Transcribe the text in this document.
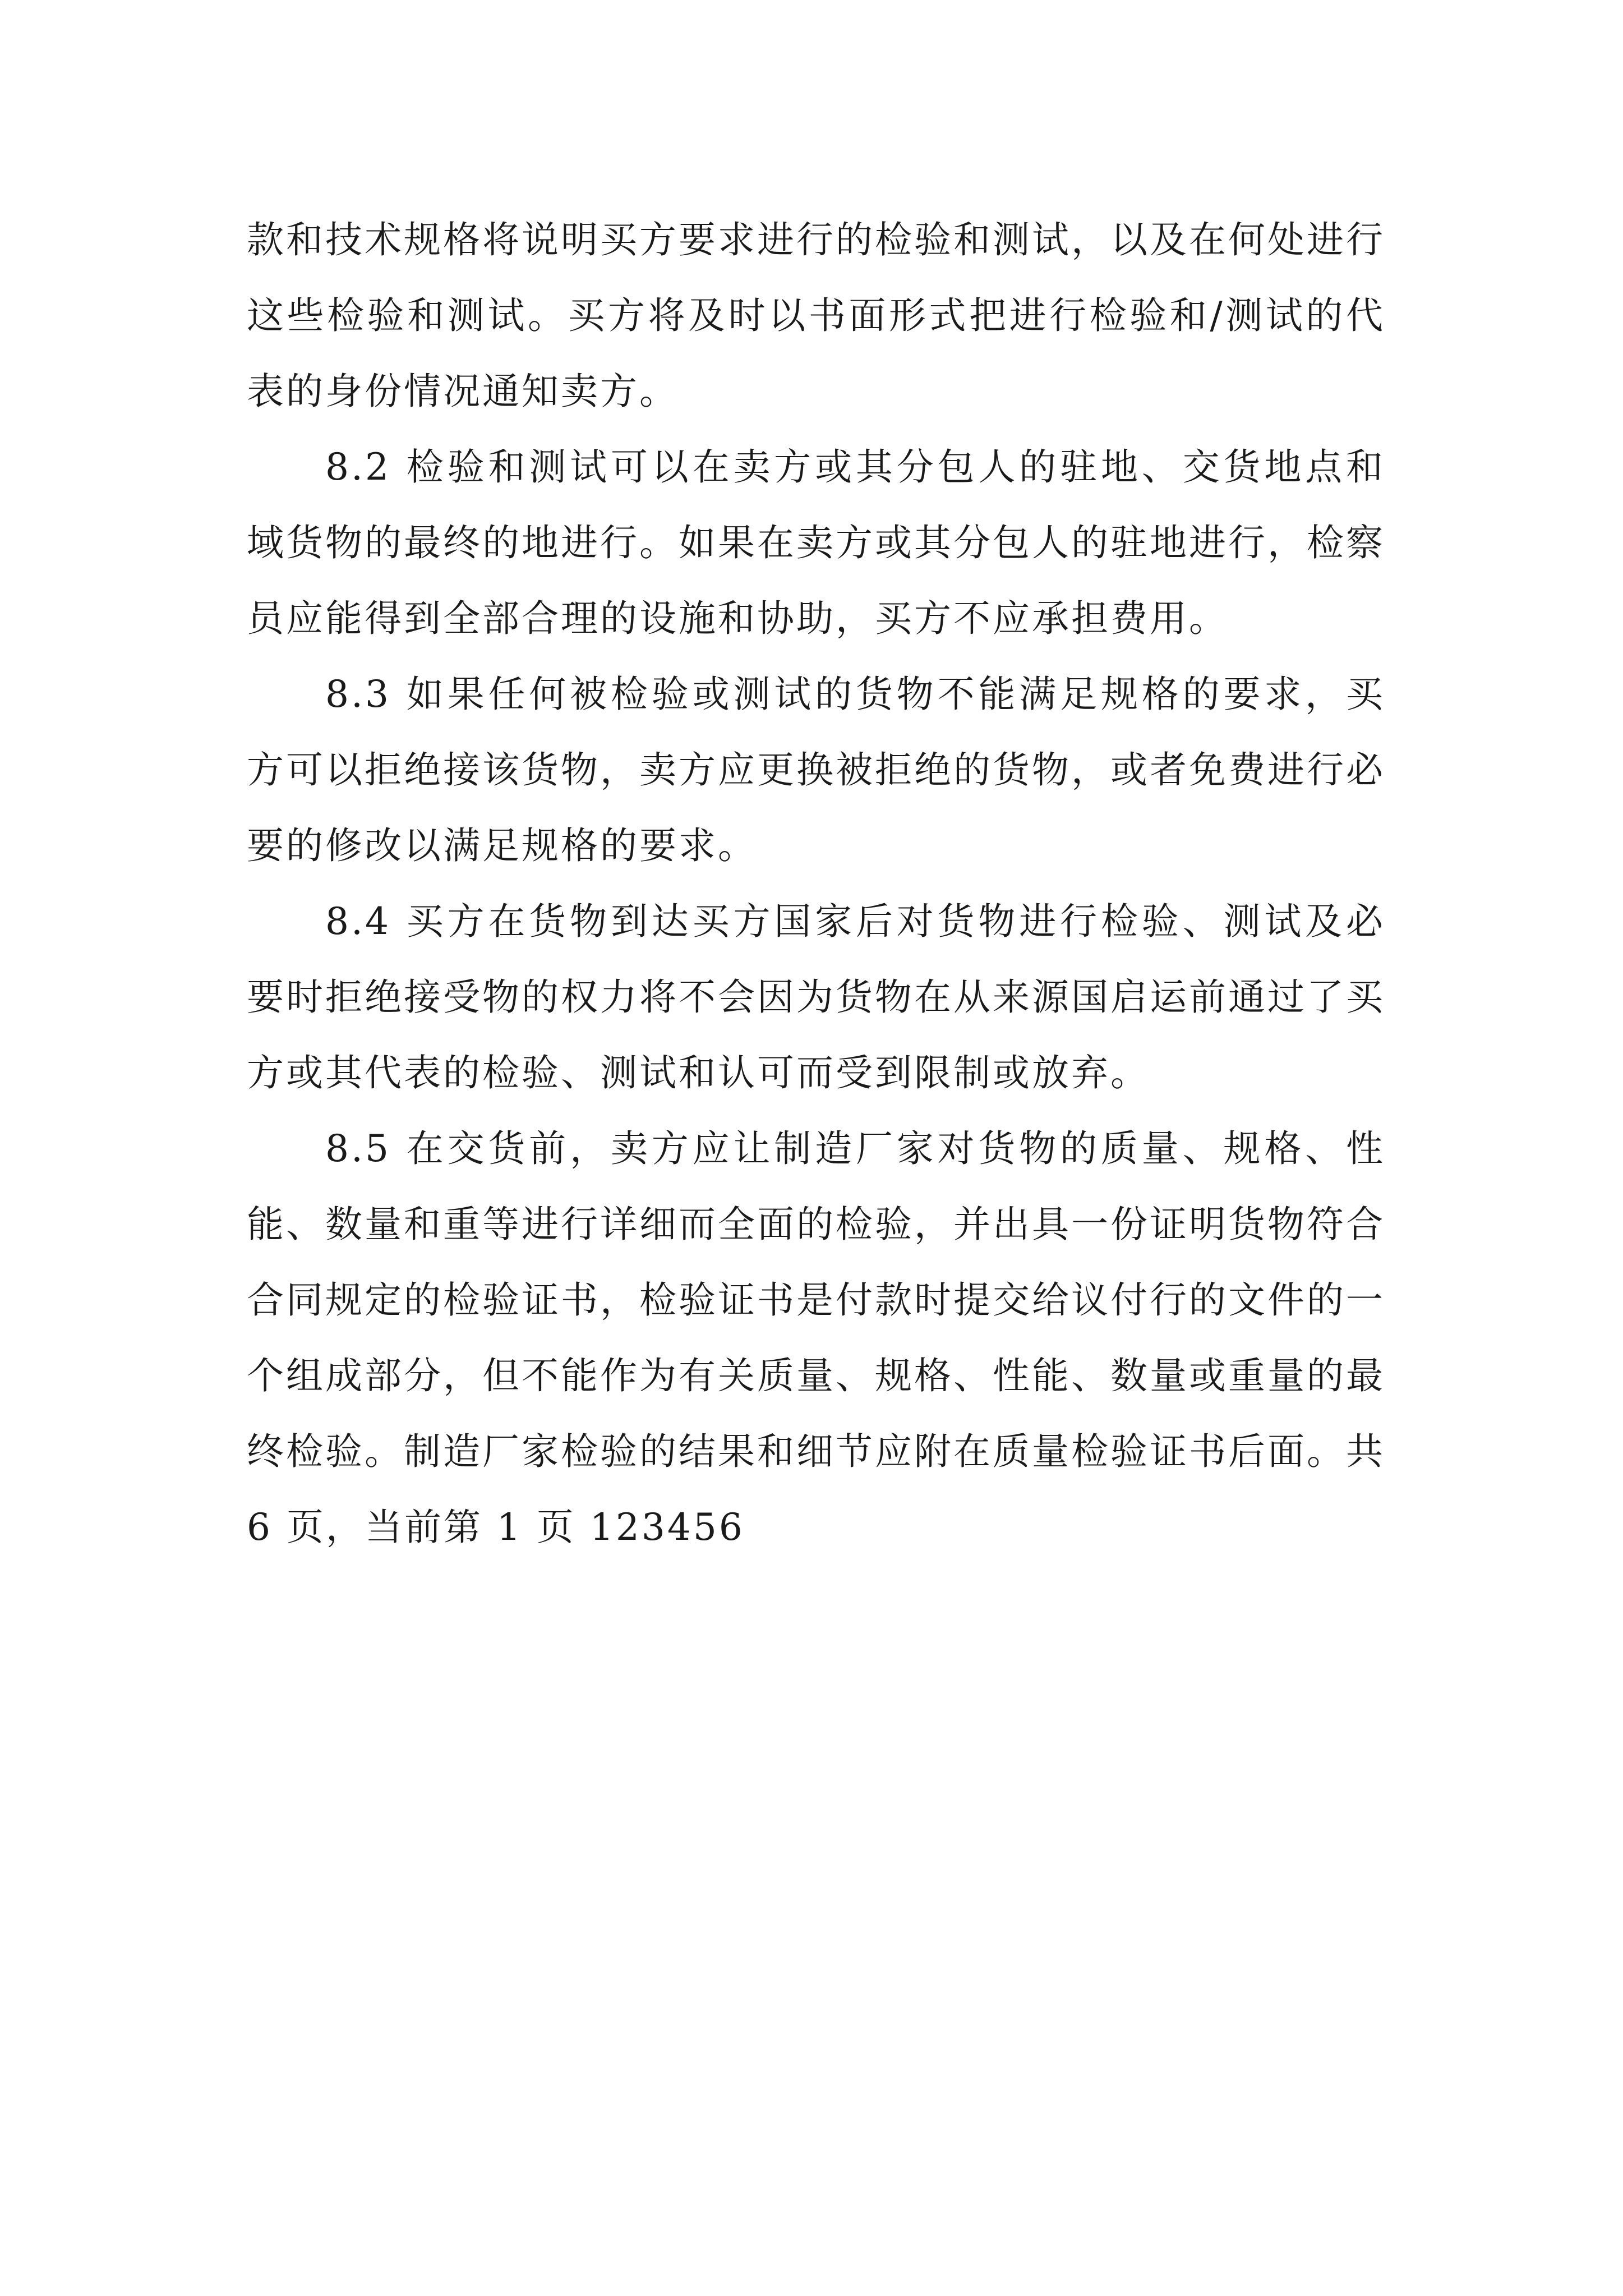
款和技术规格将说明买方要求进行的检验和测试，以及在何处进行这些检验和测试。买方将及时以书面形式把进行检验和/测试的代表的身份情况通知卖方。

8.2 检验和测试可以在卖方或其分包人的驻地、交货地点和域货物的最终的地进行。如果在卖方或其分包人的驻地进行，检察员应能得到全部合理的设施和协助，买方不应承担费用。

8.3 如果任何被检验或测试的货物不能满足规格的要求，买方可以拒绝接该货物，卖方应更换被拒绝的货物，或者免费进行必要的修改以满足规格的要求。

8.4 买方在货物到达买方国家后对货物进行检验、测试及必要时拒绝接受物的权力将不会因为货物在从来源国启运前通过了买方或其代表的检验、测试和认可而受到限制或放弃。

8.5 在交货前，卖方应让制造厂家对货物的质量、规格、性能、数量和重等进行详细而全面的检验，并出具一份证明货物符合合同规定的检验证书，检验证书是付款时提交给议付行的文件的一个组成部分，但不能作为有关质量、规格、性能、数量或重量的最终检验。制造厂家检验的结果和细节应附在质量检验证书后面。共 6 页，当前第 1 页 123456
